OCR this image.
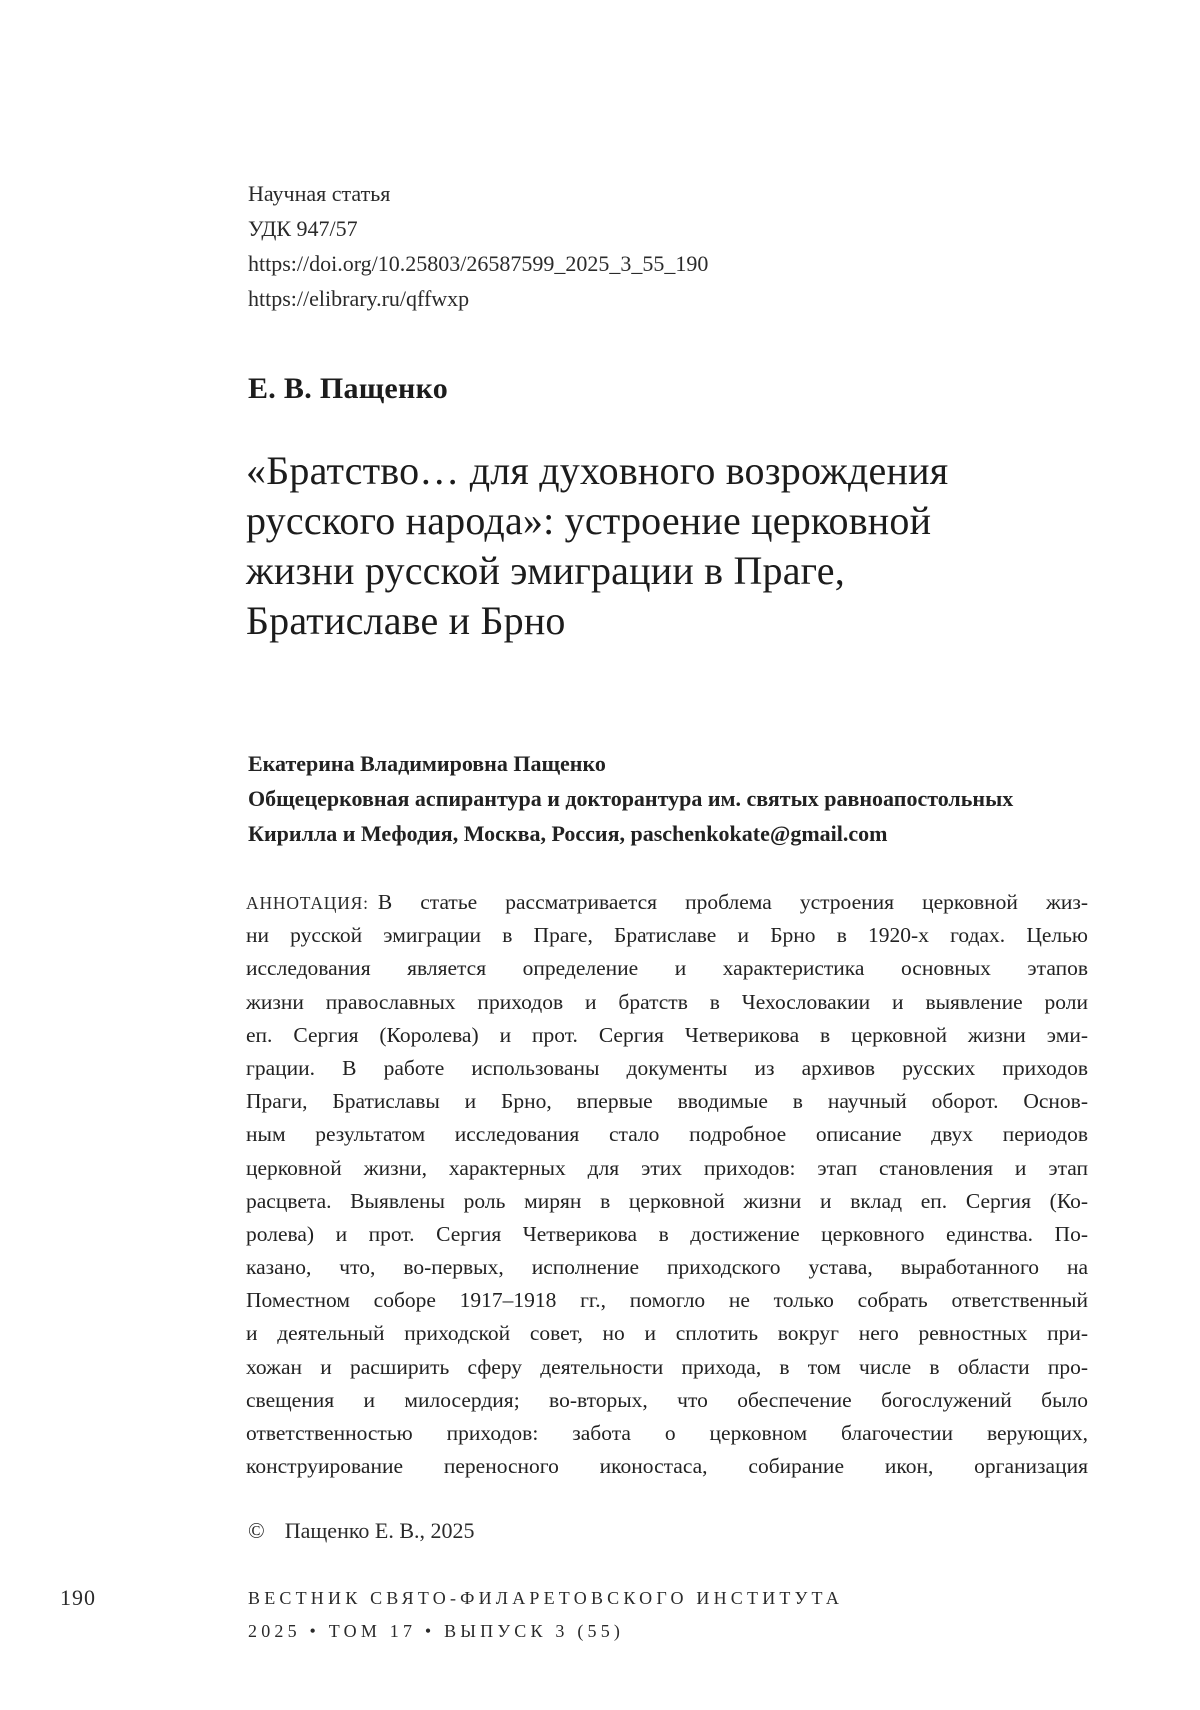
Научная статья
УДК 947/57
https://doi.org/10.25803/26587599_2025_3_55_190
https://elibrary.ru/qffwxp
Е. В. Пащенко
«Братство… для духовного возрождения
русского народа»: устроение церковной
жизни русской эмиграции в Праге,
Братиславе и Брно
Екатерина Владимировна Пащенко
Общецерковная аспирантура и докторантура им. святых равноапостольных
Кирилла и Мефодия, Москва, Россия, paschenkokate@gmail.com
АННОТАЦИЯ: В статье рассматривается проблема устроения церковной жиз-
ни русской эмиграции в Праге, Братиславе и Брно в 1920-х годах. Целью
исследования является определение и характеристика основных этапов
жизни православных приходов и братств в Чехословакии и выявление роли
еп. Сергия (Королева) и прот. Сергия Четверикова в церковной жизни эми-
грации. В работе использованы документы из архивов русских приходов
Праги, Братиславы и Брно, впервые вводимые в научный оборот. Основ-
ным результатом исследования стало подробное описание двух периодов
церковной жизни, характерных для этих приходов: этап становления и этап
расцвета. Выявлены роль мирян в церковной жизни и вклад еп. Сергия (Ко-
ролева) и прот. Сергия Четверикова в достижение церковного единства. По-
казано, что, во-первых, исполнение приходского устава, выработанного на
Поместном соборе 1917–1918 гг., помогло не только собрать ответственный
и деятельный приходской совет, но и сплотить вокруг него ревностных при-
хожан и расширить сферу деятельности прихода, в том числе в области про-
свещения и милосердия; во-вторых, что обеспечение богослужений было
ответственностью приходов: забота о церковном благочестии верующих,
конструирование переносного иконостаса, собирание икон, организация
© Пащенко Е. В., 2025
190	ВЕСТНИК СВЯТО-ФИЛАРЕТОВСКОГО ИНСТИТУТА
2025 • ТОМ 17 • ВЫПУСК 3 (55)
